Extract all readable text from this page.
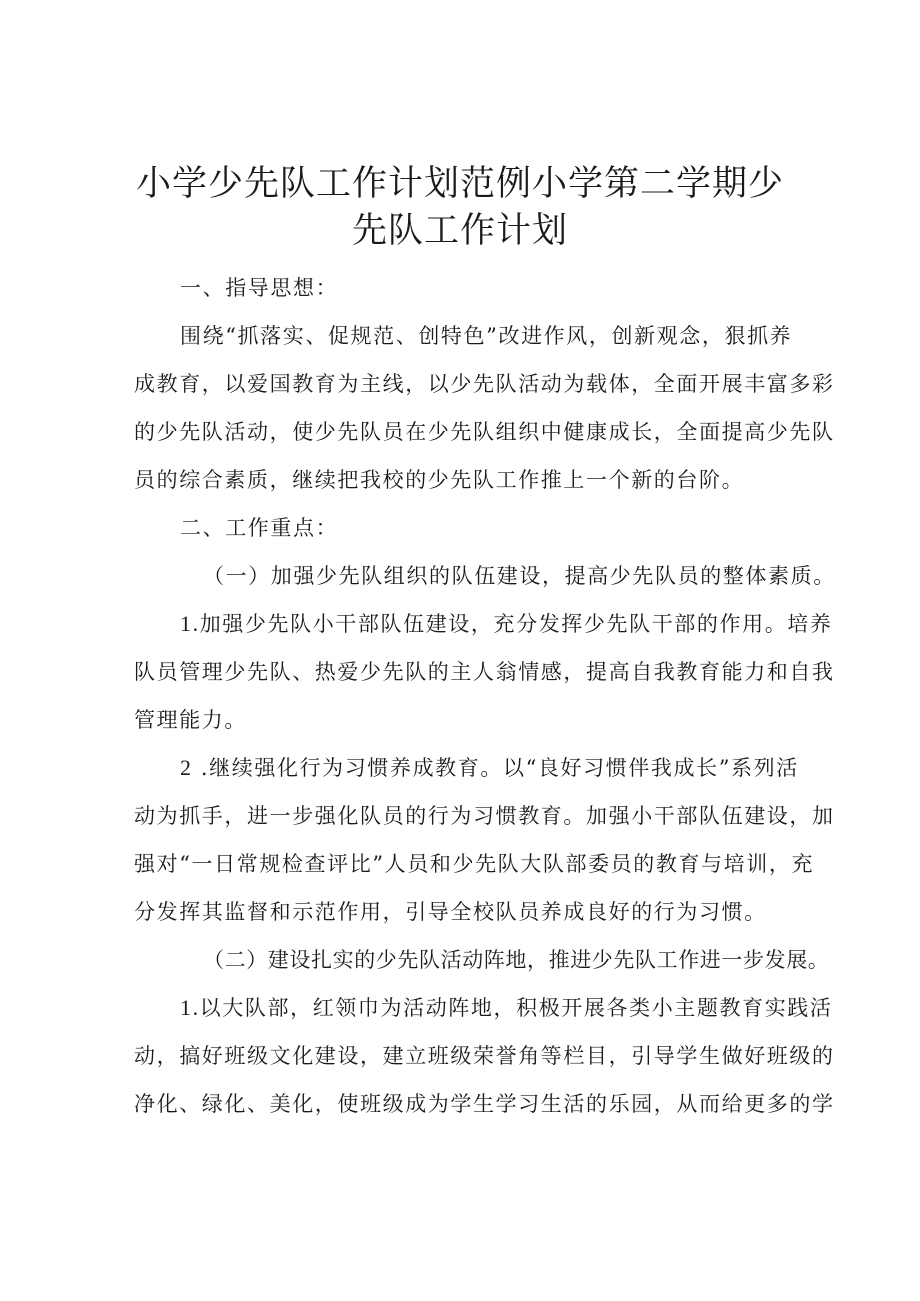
小学少先队工作计划范例小学第二学期少
先队工作计划

一、指导思想：

围绕“抓落实、促规范、创特色”改进作风，创新观念，狠抓养

成教育，以爱国教育为主线，以少先队活动为载体，全面开展丰富多彩

的少先队活动，使少先队员在少先队组织中健康成长，全面提高少先队

员的综合素质，继续把我校的少先队工作推上一个新的台阶。

二、工作重点：

（一）加强少先队组织的队伍建设，提高少先队员的整体素质。

1.加强少先队小干部队伍建设，充分发挥少先队干部的作用。培养

队员管理少先队、热爱少先队的主人翁情感，提高自我教育能力和自我

管理能力。

2 .继续强化行为习惯养成教育。以“良好习惯伴我成长”系列活

动为抓手，进一步强化队员的行为习惯教育。加强小干部队伍建设，加

强对“一日常规检查评比”人员和少先队大队部委员的教育与培训，充

分发挥其监督和示范作用，引导全校队员养成良好的行为习惯。

（二）建设扎实的少先队活动阵地，推进少先队工作进一步发展。

1.以大队部，红领巾为活动阵地，积极开展各类小主题教育实践活

动，搞好班级文化建设，建立班级荣誉角等栏目，引导学生做好班级的

净化、绿化、美化，使班级成为学生学习生活的乐园，从而给更多的学
